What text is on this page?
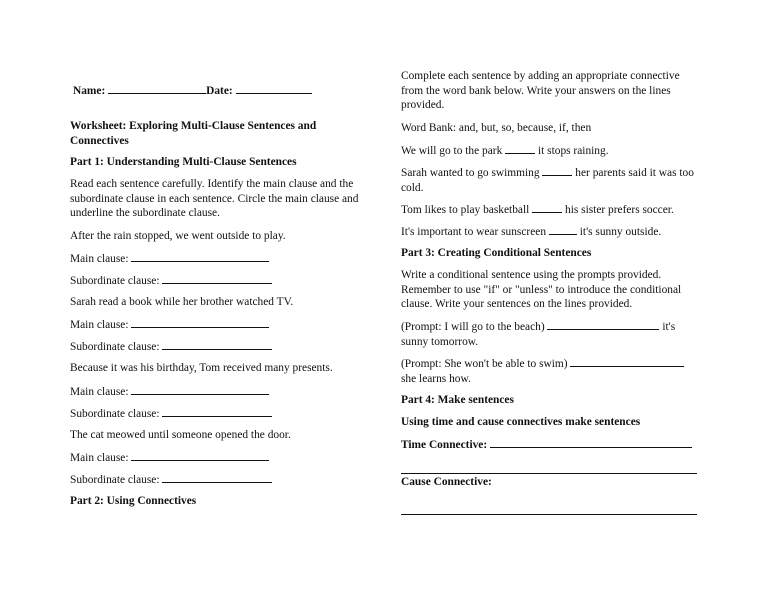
Name:	Date:
Worksheet: Exploring Multi-Clause Sentences and Connectives
Part 1: Understanding Multi-Clause Sentences
Read each sentence carefully. Identify the main clause and the subordinate clause in each sentence. Circle the main clause and underline the subordinate clause.
After the rain stopped, we went outside to play.
Main clause:
Subordinate clause:
Sarah read a book while her brother watched TV.
Main clause:
Subordinate clause:
Because it was his birthday, Tom received many presents.
Main clause:
Subordinate clause:
The cat meowed until someone opened the door.
Main clause:
Subordinate clause:
Part 2: Using Connectives
Complete each sentence by adding an appropriate connective from the word bank below. Write your answers on the lines provided.
Word Bank: and, but, so, because, if, then
We will go to the park	it stops raining.
Sarah wanted to go swimming	her parents said it was too cold.
Tom likes to play basketball	his sister prefers soccer.
It's important to wear sunscreen	it's sunny outside.
Part 3: Creating Conditional Sentences
Write a conditional sentence using the prompts provided. Remember to use "if" or "unless" to introduce the conditional clause. Write your sentences on the lines provided.
(Prompt: I will go to the beach)	it's sunny tomorrow.
(Prompt: She won't be able to swim)  she learns how.
Part 4: Make sentences
Using time and cause connectives make sentences
Time Connective:
Cause Connective:
